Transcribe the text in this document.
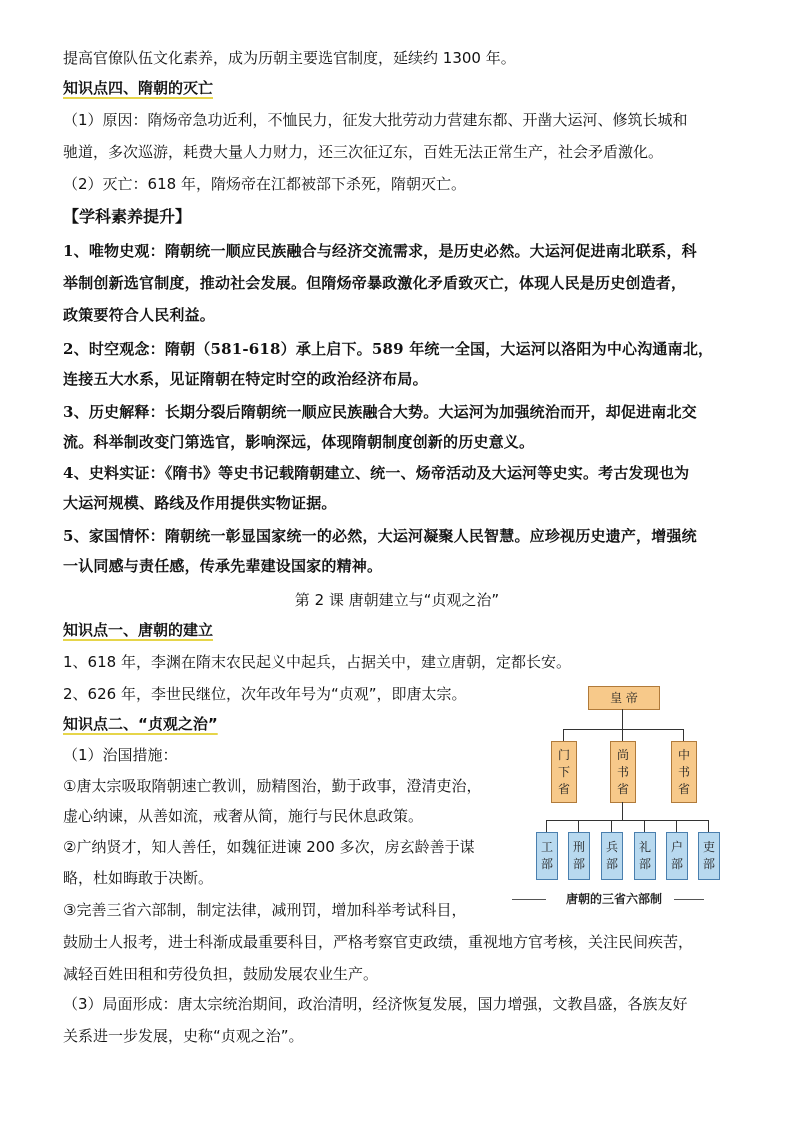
提高官僚队伍文化素养，成为历朝主要选官制度，延续约 1300 年。
知识点四、隋朝的灭亡
（1）原因：隋炀帝急功近利，不恤民力，征发大批劳动力营建东都、开凿大运河、修筑长城和
驰道，多次巡游，耗费大量人力财力，还三次征辽东，百姓无法正常生产，社会矛盾激化。
（2）灭亡：618 年，隋炀帝在江都被部下杀死，隋朝灭亡。
【学科素养提升】
1、唯物史观：隋朝统一顺应民族融合与经济交流需求，是历史必然。大运河促进南北联系，科
举制创新选官制度，推动社会发展。但隋炀帝暴政激化矛盾致灭亡，体现人民是历史创造者，
政策要符合人民利益。
2、时空观念：隋朝（581-618）承上启下。589 年统一全国，大运河以洛阳为中心沟通南北，
连接五大水系，见证隋朝在特定时空的政治经济布局。
3、历史解释：长期分裂后隋朝统一顺应民族融合大势。大运河为加强统治而开，却促进南北交
流。科举制改变门第选官，影响深远，体现隋朝制度创新的历史意义。
4、史料实证：《隋书》等史书记载隋朝建立、统一、炀帝活动及大运河等史实。考古发现也为
大运河规模、路线及作用提供实物证据。
5、家国情怀：隋朝统一彰显国家统一的必然，大运河凝聚人民智慧。应珍视历史遗产，增强统
一认同感与责任感，传承先辈建设国家的精神。
第 2 课 唐朝建立与“贞观之治”
知识点一、唐朝的建立
1、618 年，李渊在隋末农民起义中起兵，占据关中，建立唐朝，定都长安。
2、626 年，李世民继位，次年改年号为“贞观”，即唐太宗。
知识点二、“贞观之治”
（1）治国措施：
①唐太宗吸取隋朝速亡教训，励精图治，勤于政事，澄清吏治，
虚心纳谏，从善如流，戒奢从简，施行与民休息政策。
②广纳贤才，知人善任，如魏征进谏 200 多次，房玄龄善于谋
略，杜如晦敢于决断。
③完善三省六部制，制定法律，减刑罚，增加科举考试科目，
鼓励士人报考，进士科渐成最重要科目，严格考察官吏政绩，重视地方官考核，关注民间疾苦，
减轻百姓田租和劳役负担，鼓励发展农业生产。
（3）局面形成：唐太宗统治期间，政治清明，经济恢复发展，国力增强，文教昌盛，各族友好
关系进一步发展，史称“贞观之治”。
皇 帝
门下省
尚书省
中书省
工部
刑部
兵部
礼部
户部
吏部
唐朝的三省六部制
